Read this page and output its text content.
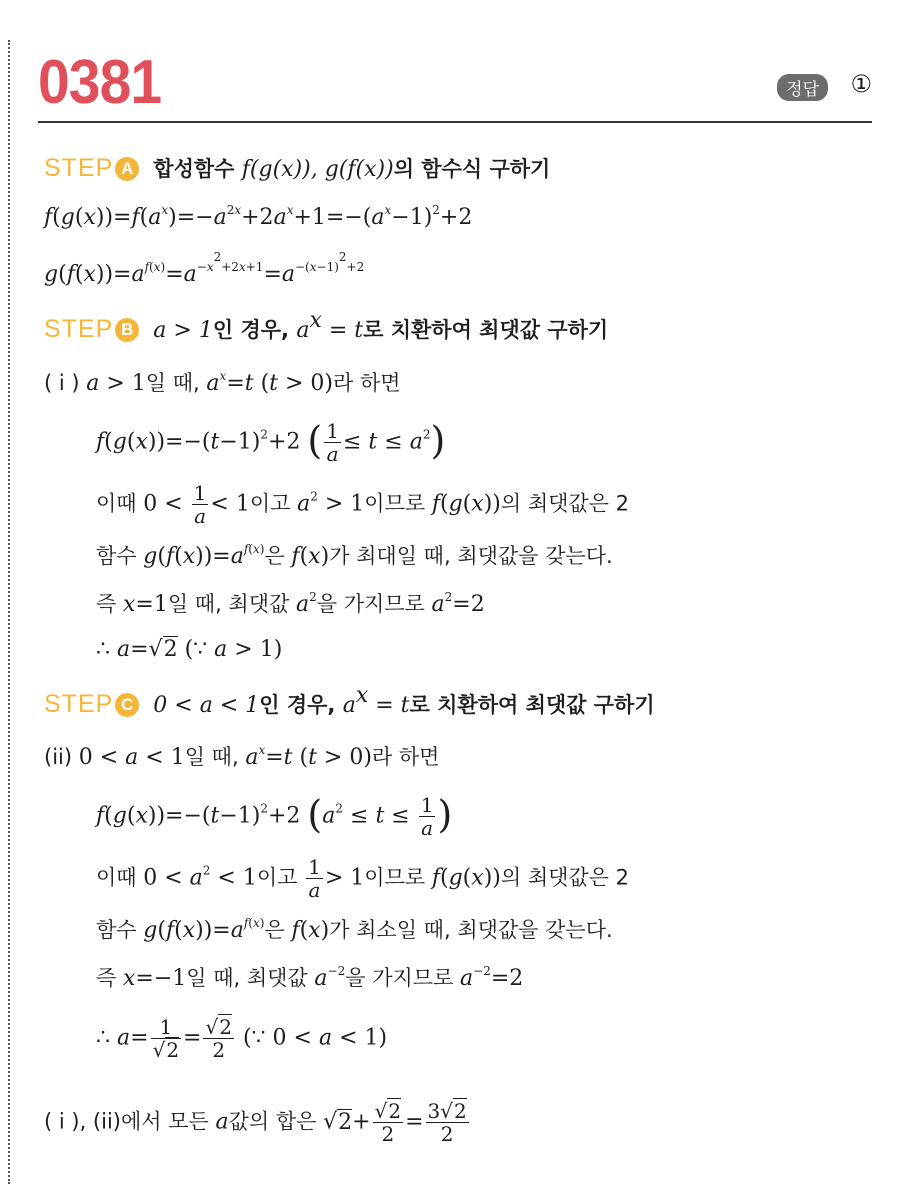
0381	정답	①
STEP A 합성함수 f(g(x)), g(f(x))의 함수식 구하기
$f(g(x))=f(a^x)=-a^{2x}+2a^x+1=-(a^x-1)^2+2$
$g(f(x))=a^{f(x)}=a^{-x^2+2x+1}=a^{-(x-1)^2+2}$
STEP B a > 1인 경우, $a^x = t$로 치환하여 최댓값 구하기
( i ) a > 1일 때, $a^x=t$ (t > 0)라 하면
$f(g(x))=-(t-1)^2+2$ ( $\frac{1}{a} \le t \le a^2$)
이때 $0 < \frac{1}{a} < 1$이고 $a^2 > 1$이므로 f(g(x))의 최댓값은 2
함수 $g(f(x))=a^{f(x)}$은 f(x)가 최대일 때, 최댓값을 갖는다.
즉 x=1일 때, 최댓값 $a^2$을 가지므로 $a^2=2$
∴ a=√2 (∵ a > 1)
STEP C 0 < a < 1인 경우, $a^x = t$로 치환하여 최댓값 구하기
(ii) 0 < a < 1일 때, $a^x=t$ (t > 0)라 하면
$f(g(x))=-(t-1)^2+2$ ($a^2 \le t \le \frac{1}{a}$ )
이때 $0 < a^2 < 1$이고 $\frac{1}{a} > 1$이므로 f(g(x))의 최댓값은 2
함수 $g(f(x))=a^{f(x)}$은 f(x)가 최소일 때, 최댓값을 갖는다.
즉 x=−1일 때, 최댓값 $a^{-2}$을 가지므로 $a^{-2}=2$
∴ $a= \frac{1}{√2} = \frac{√2}{2}$ (∵ 0 < a < 1)
( i ), (ii)에서 모든 a값의 합은 $√2+ \frac{√2}{2} = \frac{3√2}{2}$
